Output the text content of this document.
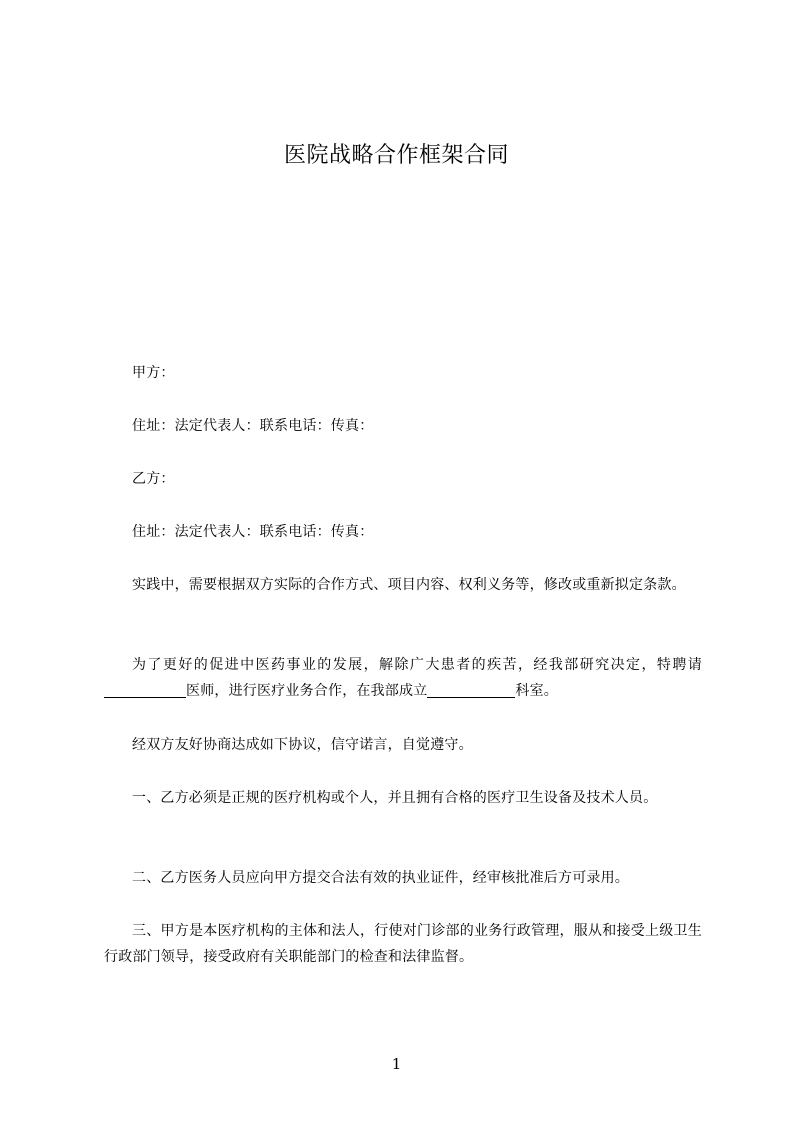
医院战略合作框架合同
甲方：
住址：法定代表人：联系电话：传真：
乙方：
住址：法定代表人：联系电话：传真：
实践中，需要根据双方实际的合作方式、项目内容、权利义务等，修改或重新拟定条款。
为了更好的促进中医药事业的发展，解除广大患者的疾苦，经我部研究决定，特聘请医师，进行医疗业务合作，在我部成立	科室。
经双方友好协商达成如下协议，信守诺言，自觉遵守。
一、乙方必须是正规的医疗机构或个人，并且拥有合格的医疗卫生设备及技术人员。
二、乙方医务人员应向甲方提交合法有效的执业证件，经审核批准后方可录用。
三、甲方是本医疗机构的主体和法人，行使对门诊部的业务行政管理，服从和接受上级卫生行政部门领导，接受政府有关职能部门的检查和法律监督。
1
